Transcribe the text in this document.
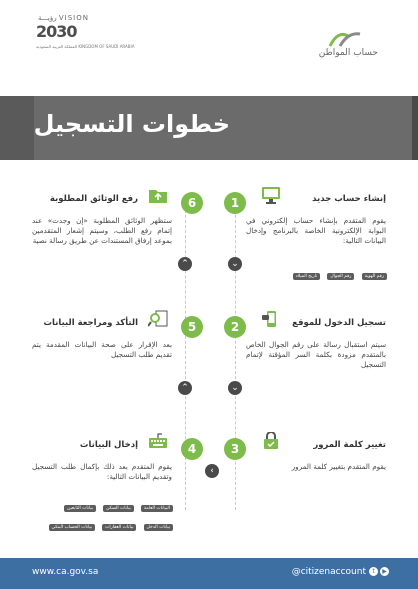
رؤيـــة VISION
2030
المملكة العربية السعودية KINGDOM OF SAUDI ARABIA
حساب المواطن
خطوات التسجيل
⌄
⌄
⌃
⌃
‹
1	إنشاء حساب جديد
يقوم المتقدم بإنشاء حساب إلكتروني في البوابة الإلكترونية الخاصة بالبرنامج وإدخال البيانات التالية:
رقم الهوية رقم الجوال تاريخ الميلاد
6
رفع الوثائق المطلوبة
ستظهر الوثائق المطلوبة «إن وجدت» عند إتمام رفع الطلب، وسيتم إشعار المتقدمين بموعد إرفاق المستندات عن طريق رسالة نصية
2	تسجيل الدخول للموقع
سيتم استقبال رسالة على رقم الجوال الخاص بالمتقدم مزودة بكلمة السر المؤقتة لإتمام التسجيل
5
التأكد ومراجعة البيانات
بعد الإقرار على صحة البيانات المقدمة يتم تقديم طلب التسجيل
3	تغيير كلمة المرور
يقوم المتقدم بتغيير كلمة المرور
4
إدخال البيانات
يقوم المتقدم بعد ذلك بإكمال طلب التسجيل وتقديم البيانات التالية:
البيانات العامة بيانات السكن بيانات التابعين بيانات الدخل بيانات العقارات بيانات الحساب البنكي
www.ca.gov.sa	@citizenaccount	t	▶
